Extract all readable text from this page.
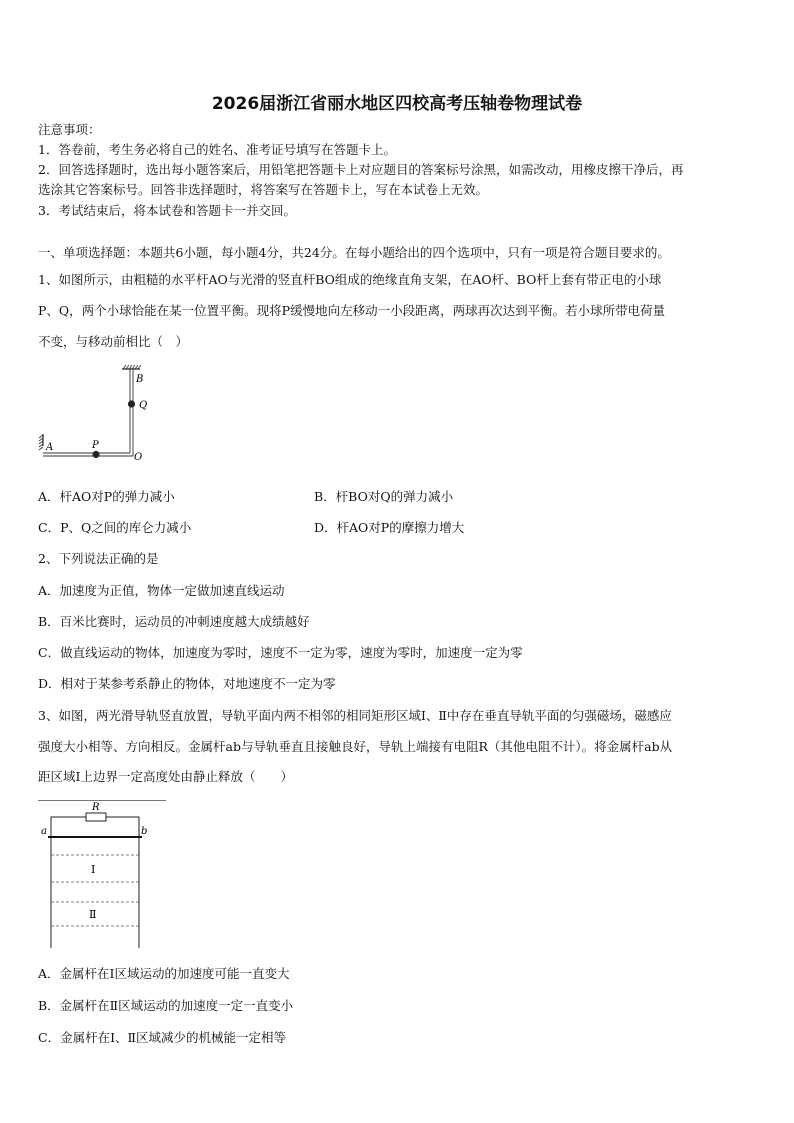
2026届浙江省丽水地区四校高考压轴卷物理试卷
注意事项：
1．答卷前，考生务必将自己的姓名、准考证号填写在答题卡上。
2．回答选择题时，选出每小题答案后，用铅笔把答题卡上对应题目的答案标号涂黑，如需改动，用橡皮擦干净后，再
选涂其它答案标号。回答非选择题时，将答案写在答题卡上，写在本试卷上无效。
3．考试结束后，将本试卷和答题卡一并交回。
一、单项选择题：本题共6小题，每小题4分，共24分。在每小题给出的四个选项中，只有一项是符合题目要求的。
1、如图所示，由粗糙的水平杆AO与光滑的竖直杆BO组成的绝缘直角支架，在AO杆、BO杆上套有带正电的小球
P、Q，两个小球恰能在某一位置平衡。现将P缓慢地向左移动一小段距离，两球再次达到平衡。若小球所带电荷量
不变，与移动前相比（　）
B
Q
A	P
O
A．杆AO对P的弹力减小	B．杆BO对Q的弹力减小
C．P、Q之间的库仑力减小	D．杆AO对P的摩擦力增大
2、下列说法正确的是
A．加速度为正值，物体一定做加速直线运动
B．百米比赛时，运动员的冲刺速度越大成绩越好
C．做直线运动的物体，加速度为零时，速度不一定为零，速度为零时，加速度一定为零
D．相对于某参考系静止的物体，对地速度不一定为零
3、如图，两光滑导轨竖直放置，导轨平面内两不相邻的相同矩形区域Ⅰ、Ⅱ中存在垂直导轨平面的匀强磁场，磁感应
强度大小相等、方向相反。金属杆ab与导轨垂直且接触良好，导轨上端接有电阻R（其他电阻不计）。将金属杆ab从
距区域Ⅰ上边界一定高度处由静止释放（　　）
R
a	b
Ⅰ
Ⅱ
A．金属杆在Ⅰ区域运动的加速度可能一直变大
B．金属杆在Ⅱ区域运动的加速度一定一直变小
C．金属杆在Ⅰ、Ⅱ区域减少的机械能一定相等
